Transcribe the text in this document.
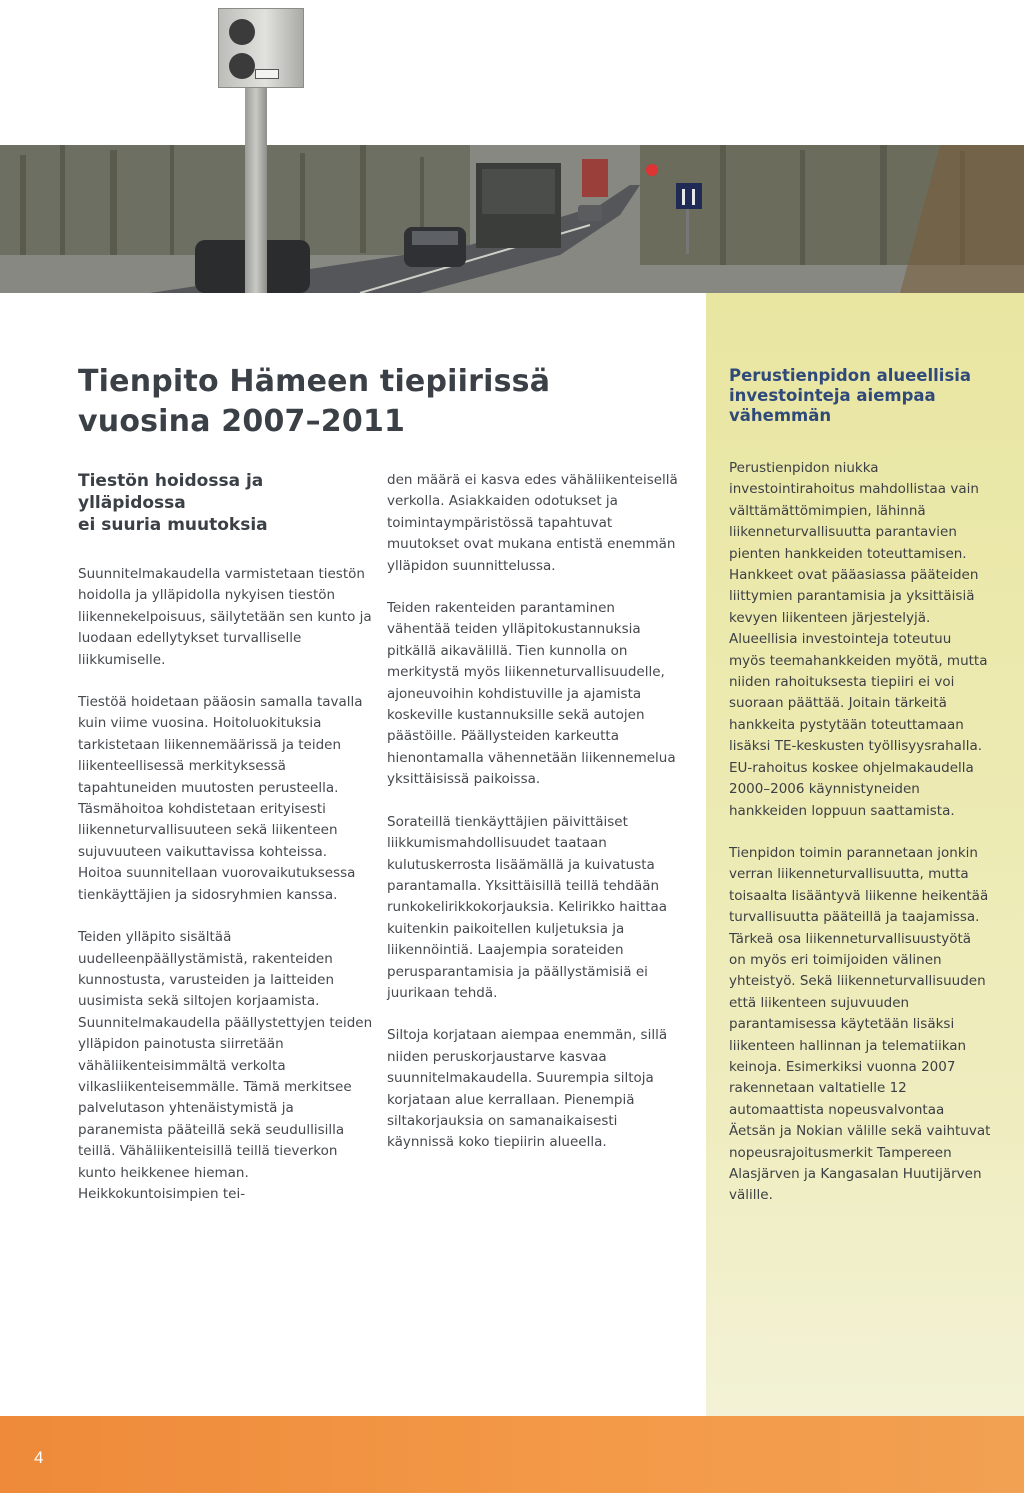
Tienpito Hämeen tiepiirissä
vuosina 2007–2011
Tiestön hoidossa ja ylläpidossa
ei suuria muutoksia

Suunnitelmakaudella varmistetaan tiestön hoidolla ja ylläpidolla nykyisen tiestön liikennekelpoisuus, säilytetään sen kunto ja luodaan edellytykset turvalliselle liikkumiselle.

Tiestöä hoidetaan pääosin samalla tavalla kuin viime vuosina. Hoitoluokituksia tarkistetaan liikennemäärissä ja teiden liikenteellisessä merkityksessä tapahtuneiden muutosten perusteella. Täsmähoitoa kohdistetaan erityisesti liikenneturvallisuuteen sekä liikenteen sujuvuuteen vaikuttavissa kohteissa. Hoitoa suunnitellaan vuorovaikutuksessa tienkäyttäjien ja sidosryhmien kanssa.

Teiden ylläpito sisältää uudelleenpäällystämistä, rakenteiden kunnostusta, varusteiden ja laitteiden uusimista sekä siltojen korjaamista. Suunnitelmakaudella päällystettyjen teiden ylläpidon painotusta siirretään vähäliikenteisimmältä verkolta vilkasliikenteisemmälle. Tämä merkitsee palvelutason yhtenäistymistä ja paranemista pääteillä sekä seudullisilla teillä. Vähäliikenteisillä teillä tieverkon kunto heikkenee hieman. Heikkokuntoisimpien tei-

den määrä ei kasva edes vähäliikenteisellä verkolla. Asiakkaiden odotukset ja toimintaympäristössä tapahtuvat muutokset ovat mukana entistä enemmän ylläpidon suunnittelussa.

Teiden rakenteiden parantaminen vähentää teiden ylläpitokustannuksia pitkällä aikavälillä. Tien kunnolla on merkitystä myös liikenneturvallisuudelle, ajoneuvoihin kohdistuville ja ajamista koskeville kustannuksille sekä autojen päästöille. Päällysteiden karkeutta hienontamalla vähennetään liikennemelua yksittäisissä paikoissa.

Sorateillä tienkäyttäjien päivittäiset liikkumismahdollisuudet taataan kulutuskerrosta lisäämällä ja kuivatusta parantamalla. Yksittäisillä teillä tehdään runkokelirikkokorjauksia. Kelirikko haittaa kuitenkin paikoitellen kuljetuksia ja liikennöintiä. Laajempia sorateiden perusparantamisia ja päällystämisiä ei juurikaan tehdä.

Siltoja korjataan aiempaa enemmän, sillä niiden peruskorjaustarve kasvaa suunnitelmakaudella. Suurempia siltoja korjataan alue kerrallaan. Pienempiä siltakorjauksia on samanaikaisesti käynnissä koko tiepiirin alueella.

Perustienpidon alueellisia
investointeja aiempaa
vähemmän

Perustienpidon niukka investointirahoitus mahdollistaa vain välttämättömimpien, lähinnä liikenneturvallisuutta parantavien pienten hankkeiden toteuttamisen. Hankkeet ovat pääasiassa pääteiden liittymien parantamisia ja yksittäisiä kevyen liikenteen järjestelyjä. Alueellisia investointeja toteutuu myös teemahankkeiden myötä, mutta niiden rahoituksesta tiepiiri ei voi suoraan päättää. Joitain tärkeitä hankkeita pystytään toteuttamaan lisäksi TE-keskusten työllisyysrahalla. EU-rahoitus koskee ohjelmakaudella 2000–2006 käynnistyneiden hankkeiden loppuun saattamista.

Tienpidon toimin parannetaan jonkin verran liikenneturvallisuutta, mutta toisaalta lisääntyvä liikenne heikentää turvallisuutta pääteillä ja taajamissa. Tärkeä osa liikenneturvallisuustyötä on myös eri toimijoiden välinen yhteistyö. Sekä liikenneturvallisuuden että liikenteen sujuvuuden parantamisessa käytetään lisäksi liikenteen hallinnan ja telematiikan keinoja. Esimerkiksi vuonna 2007 rakennetaan valtatielle 12 automaattista nopeusvalvontaa Äetsän ja Nokian välille sekä vaihtuvat nopeusrajoitusmerkit Tampereen Alasjärven ja Kangasalan Huutijärven välille.

4
